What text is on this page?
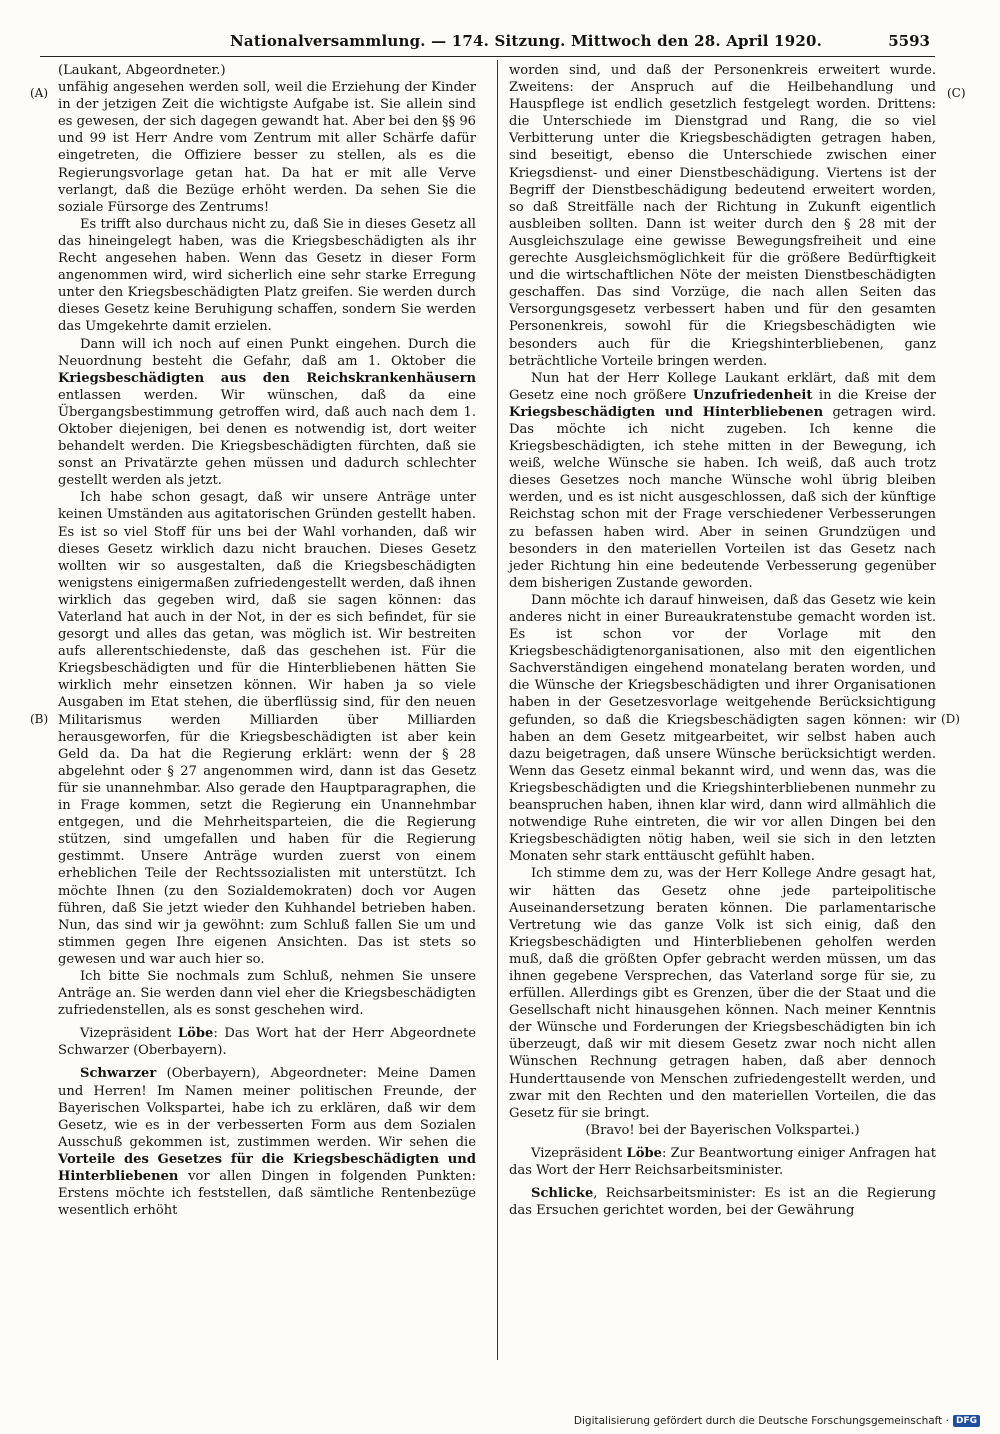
Nationalversammlung. — 174. Sitzung. Mittwoch den 28. April 1920.	5593
(A)
(B)
(C)
(D)

(Laukant, Abgeordneter.)

unfähig angesehen werden soll, weil die Erziehung der Kinder in der jetzigen Zeit die wichtigste Aufgabe ist. Sie allein sind es gewesen, der sich dagegen gewandt hat. Aber bei den §§ 96 und 99 ist Herr Andre vom Zentrum mit aller Schärfe dafür eingetreten, die Offiziere besser zu stellen, als es die Regierungsvorlage getan hat. Da hat er mit alle Verve verlangt, daß die Bezüge erhöht werden. Da sehen Sie die soziale Fürsorge des Zentrums!

Es trifft also durchaus nicht zu, daß Sie in dieses Gesetz all das hineingelegt haben, was die Kriegsbeschädigten als ihr Recht angesehen haben. Wenn das Gesetz in dieser Form angenommen wird, wird sicherlich eine sehr starke Erregung unter den Kriegsbeschädigten Platz greifen. Sie werden durch dieses Gesetz keine Beruhigung schaffen, sondern Sie werden das Umgekehrte damit erzielen.

Dann will ich noch auf einen Punkt eingehen. Durch die Neuordnung besteht die Gefahr, daß am 1. Oktober die Kriegsbeschädigten aus den Reichskrankenhäusern entlassen werden. Wir wünschen, daß da eine Übergangsbestimmung getroffen wird, daß auch nach dem 1. Oktober diejenigen, bei denen es notwendig ist, dort weiter behandelt werden. Die Kriegsbeschädigten fürchten, daß sie sonst an Privatärzte gehen müssen und dadurch schlechter gestellt werden als jetzt.

Ich habe schon gesagt, daß wir unsere Anträge unter keinen Umständen aus agitatorischen Gründen gestellt haben. Es ist so viel Stoff für uns bei der Wahl vorhanden, daß wir dieses Gesetz wirklich dazu nicht brauchen. Dieses Gesetz wollten wir so ausgestalten, daß die Kriegsbeschädigten wenigstens einigermaßen zufriedengestellt werden, daß ihnen wirklich das gegeben wird, daß sie sagen können: das Vaterland hat auch in der Not, in der es sich befindet, für sie gesorgt und alles das getan, was möglich ist. Wir bestreiten aufs allerentschiedenste, daß das geschehen ist. Für die Kriegsbeschädigten und für die Hinterbliebenen hätten Sie wirklich mehr einsetzen können. Wir haben ja so viele Ausgaben im Etat stehen, die überflüssig sind, für den neuen Militarismus werden Milliarden über Milliarden herausgeworfen, für die Kriegsbeschädigten ist aber kein Geld da. Da hat die Regierung erklärt: wenn der § 28 abgelehnt oder § 27 angenommen wird, dann ist das Gesetz für sie unannehmbar. Also gerade den Hauptparagraphen, die in Frage kommen, setzt die Regierung ein Unannehmbar entgegen, und die Mehrheitsparteien, die die Regierung stützen, sind umgefallen und haben für die Regierung gestimmt. Unsere Anträge wurden zuerst von einem erheblichen Teile der Rechtssozialisten mit unterstützt. Ich möchte Ihnen (zu den Sozialdemokraten) doch vor Augen führen, daß Sie jetzt wieder den Kuhhandel betrieben haben. Nun, das sind wir ja gewöhnt: zum Schluß fallen Sie um und stimmen gegen Ihre eigenen Ansichten. Das ist stets so gewesen und war auch hier so.

Ich bitte Sie nochmals zum Schluß, nehmen Sie unsere Anträge an. Sie werden dann viel eher die Kriegsbeschädigten zufriedenstellen, als es sonst geschehen wird.

Vizepräsident Löbe: Das Wort hat der Herr Abgeordnete Schwarzer (Oberbayern).

Schwarzer (Oberbayern), Abgeordneter: Meine Damen und Herren! Im Namen meiner politischen Freunde, der Bayerischen Volkspartei, habe ich zu erklären, daß wir dem Gesetz, wie es in der verbesserten Form aus dem Sozialen Ausschuß gekommen ist, zustimmen werden. Wir sehen die Vorteile des Gesetzes für die Kriegsbeschädigten und Hinterbliebenen vor allen Dingen in folgenden Punkten: Erstens möchte ich feststellen, daß sämtliche Rentenbezüge wesentlich erhöht

worden sind, und daß der Personenkreis erweitert wurde. Zweitens: der Anspruch auf die Heilbehandlung und Hauspflege ist endlich gesetzlich festgelegt worden. Drittens: die Unterschiede im Dienstgrad und Rang, die so viel Verbitterung unter die Kriegsbeschädigten getragen haben, sind beseitigt, ebenso die Unterschiede zwischen einer Kriegsdienst- und einer Dienstbeschädigung. Viertens ist der Begriff der Dienstbeschädigung bedeutend erweitert worden, so daß Streitfälle nach der Richtung in Zukunft eigentlich ausbleiben sollten. Dann ist weiter durch den § 28 mit der Ausgleichszulage eine gewisse Bewegungsfreiheit und eine gerechte Ausgleichsmöglichkeit für die größere Bedürftigkeit und die wirtschaftlichen Nöte der meisten Dienstbeschädigten geschaffen. Das sind Vorzüge, die nach allen Seiten das Versorgungsgesetz verbessert haben und für den gesamten Personenkreis, sowohl für die Kriegsbeschädigten wie besonders auch für die Kriegshinterbliebenen, ganz beträchtliche Vorteile bringen werden.

Nun hat der Herr Kollege Laukant erklärt, daß mit dem Gesetz eine noch größere Unzufriedenheit in die Kreise der Kriegsbeschädigten und Hinterbliebenen getragen wird. Das möchte ich nicht zugeben. Ich kenne die Kriegsbeschädigten, ich stehe mitten in der Bewegung, ich weiß, welche Wünsche sie haben. Ich weiß, daß auch trotz dieses Gesetzes noch manche Wünsche wohl übrig bleiben werden, und es ist nicht ausgeschlossen, daß sich der künftige Reichstag schon mit der Frage verschiedener Verbesserungen zu befassen haben wird. Aber in seinen Grundzügen und besonders in den materiellen Vorteilen ist das Gesetz nach jeder Richtung hin eine bedeutende Verbesserung gegenüber dem bisherigen Zustande geworden.

Dann möchte ich darauf hinweisen, daß das Gesetz wie kein anderes nicht in einer Bureaukratenstube gemacht worden ist. Es ist schon vor der Vorlage mit den Kriegsbeschädigtenorganisationen, also mit den eigentlichen Sachverständigen eingehend monatelang beraten worden, und die Wünsche der Kriegsbeschädigten und ihrer Organisationen haben in der Gesetzesvorlage weitgehende Berücksichtigung gefunden, so daß die Kriegsbeschädigten sagen können: wir haben an dem Gesetz mitgearbeitet, wir selbst haben auch dazu beigetragen, daß unsere Wünsche berücksichtigt werden. Wenn das Gesetz einmal bekannt wird, und wenn das, was die Kriegsbeschädigten und die Kriegshinterbliebenen nunmehr zu beanspruchen haben, ihnen klar wird, dann wird allmählich die notwendige Ruhe eintreten, die wir vor allen Dingen bei den Kriegsbeschädigten nötig haben, weil sie sich in den letzten Monaten sehr stark enttäuscht gefühlt haben.

Ich stimme dem zu, was der Herr Kollege Andre gesagt hat, wir hätten das Gesetz ohne jede parteipolitische Auseinandersetzung beraten können. Die parlamentarische Vertretung wie das ganze Volk ist sich einig, daß den Kriegsbeschädigten und Hinterbliebenen geholfen werden muß, daß die größten Opfer gebracht werden müssen, um das ihnen gegebene Versprechen, das Vaterland sorge für sie, zu erfüllen. Allerdings gibt es Grenzen, über die der Staat und die Gesellschaft nicht hinausgehen können. Nach meiner Kenntnis der Wünsche und Forderungen der Kriegsbeschädigten bin ich überzeugt, daß wir mit diesem Gesetz zwar noch nicht allen Wünschen Rechnung getragen haben, daß aber dennoch Hunderttausende von Menschen zufriedengestellt werden, und zwar mit den Rechten und den materiellen Vorteilen, die das Gesetz für sie bringt.

(Bravo! bei der Bayerischen Volkspartei.)

Vizepräsident Löbe: Zur Beantwortung einiger Anfragen hat das Wort der Herr Reichsarbeitsminister.

Schlicke, Reichsarbeitsminister: Es ist an die Regierung das Ersuchen gerichtet worden, bei der Gewährung

Digitalisierung gefördert durch die Deutsche Forschungsgemeinschaft · DFG
